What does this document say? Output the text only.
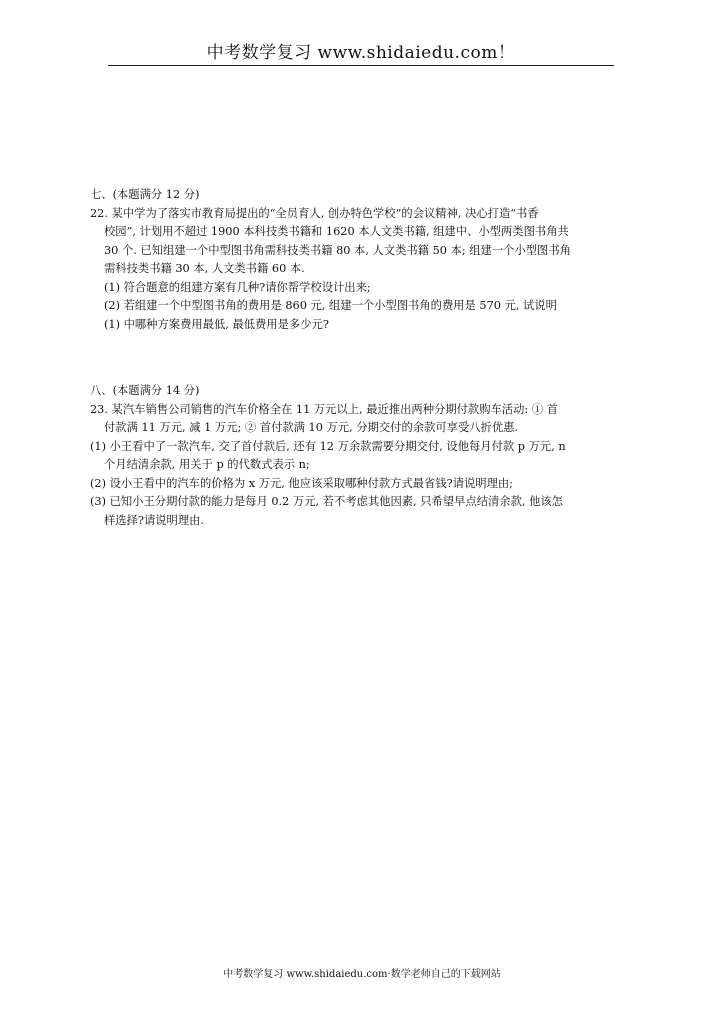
中考数学复习 www.shidaiedu.com！

七、(本题满分 12 分)

22. 某中学为了落实市教育局提出的“全员育人, 创办特色学校”的会议精神, 决心打造“书香

校园”, 计划用不超过 1900 本科技类书籍和 1620 本人文类书籍, 组建中、小型两类图书角共

30 个. 已知组建一个中型图书角需科技类书籍 80 本, 人文类书籍 50 本; 组建一个小型图书角

需科技类书籍 30 本, 人文类书籍 60 本.

(1) 符合题意的组建方案有几种?请你帮学校设计出来;

(2) 若组建一个中型图书角的费用是 860 元, 组建一个小型图书角的费用是 570 元, 试说明

(1) 中哪种方案费用最低, 最低费用是多少元?

八、(本题满分 14 分)

23. 某汽车销售公司销售的汽车价格全在 11 万元以上, 最近推出两种分期付款购车活动: ① 首

付款满 11 万元, 减 1 万元; ② 首付款满 10 万元, 分期交付的余款可享受八折优惠.

(1) 小王看中了一款汽车, 交了首付款后, 还有 12 万余款需要分期交付, 设他每月付款 p 万元, n

个月结清余款, 用关于 p 的代数式表示 n;

(2) 设小王看中的汽车的价格为 x 万元, 他应该采取哪种付款方式最省钱?请说明理由;

(3) 已知小王分期付款的能力是每月 0.2 万元, 若不考虑其他因素, 只希望早点结清余款, 他该怎

样选择?请说明理由.

中考数学复习 www.shidaiedu.com·数学老师自己的下载网站
